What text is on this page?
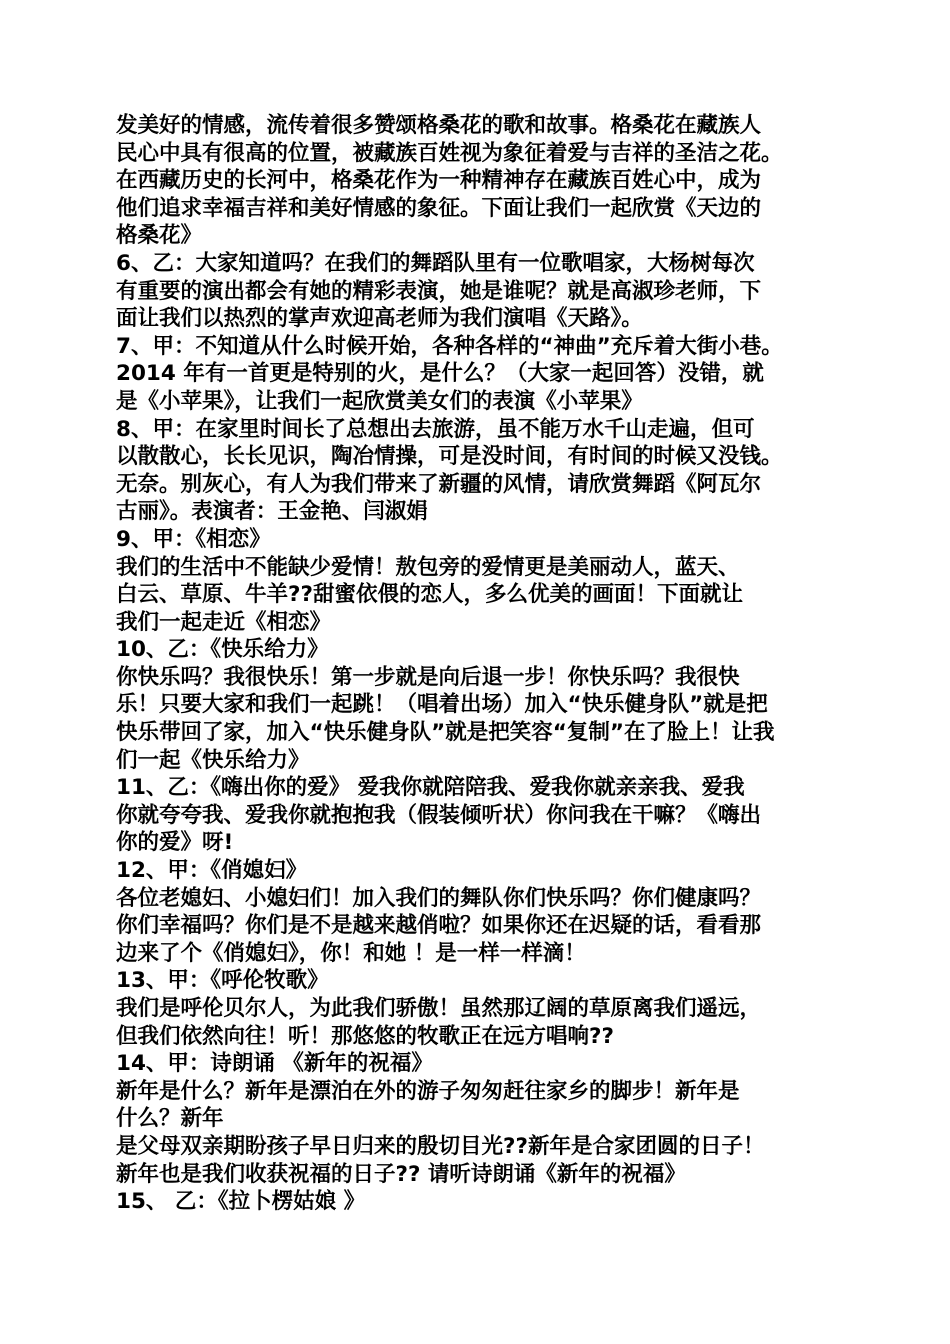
发美好的情感，流传着很多赞颂格桑花的歌和故事。格桑花在藏族人
民心中具有很高的位置，被藏族百姓视为象征着爱与吉祥的圣洁之花。
在西藏历史的长河中，格桑花作为一种精神存在藏族百姓心中，成为
他们追求幸福吉祥和美好情感的象征。下面让我们一起欣赏《天边的
格桑花》
6、乙：大家知道吗？在我们的舞蹈队里有一位歌唱家，大杨树每次
有重要的演出都会有她的精彩表演，她是谁呢？就是高淑珍老师，下
面让我们以热烈的掌声欢迎高老师为我们演唱《天路》。
7、甲：不知道从什么时候开始，各种各样的“神曲”充斥着大街小巷。
2014 年有一首更是特别的火，是什么？（大家一起回答）没错，就
是《小苹果》，让我们一起欣赏美女们的表演《小苹果》
8、甲：在家里时间长了总想出去旅游，虽不能万水千山走遍，但可
以散散心，长长见识，陶冶情操，可是没时间，有时间的时候又没钱。
无奈。别灰心，有人为我们带来了新疆的风情，请欣赏舞蹈《阿瓦尔
古丽》。表演者：王金艳、闫淑娟
9、甲：《相恋》
我们的生活中不能缺少爱情！敖包旁的爱情更是美丽动人，蓝天、
白云、草原、牛羊??甜蜜依偎的恋人，多么优美的画面！下面就让
我们一起走近《相恋》
10、乙：《快乐给力》
你快乐吗？我很快乐！第一步就是向后退一步！你快乐吗？我很快
乐！只要大家和我们一起跳！（唱着出场）加入“快乐健身队”就是把
快乐带回了家，加入“快乐健身队”就是把笑容“复制”在了脸上！让我
们一起《快乐给力》
11、乙：《嗨出你的爱》 爱我你就陪陪我、爱我你就亲亲我、爱我
你就夸夸我、爱我你就抱抱我（假装倾听状）你问我在干嘛？《嗨出
你的爱》呀!
12、甲：《俏媳妇》
各位老媳妇、小媳妇们！加入我们的舞队你们快乐吗？你们健康吗？
你们幸福吗？你们是不是越来越俏啦？如果你还在迟疑的话，看看那
边来了个《俏媳妇》，你！和她 ！是一样一样滴！
13、甲：《呼伦牧歌》
我们是呼伦贝尔人，为此我们骄傲！虽然那辽阔的草原离我们遥远，
但我们依然向往！听！那悠悠的牧歌正在远方唱响??
14、甲：诗朗诵 《新年的祝福》
新年是什么？新年是漂泊在外的游子匆匆赶往家乡的脚步！新年是
什么？新年
是父母双亲期盼孩子早日归来的殷切目光??新年是合家团圆的日子！
新年也是我们收获祝福的日子?? 请听诗朗诵《新年的祝福》
15、 乙：《拉卜楞姑娘 》
